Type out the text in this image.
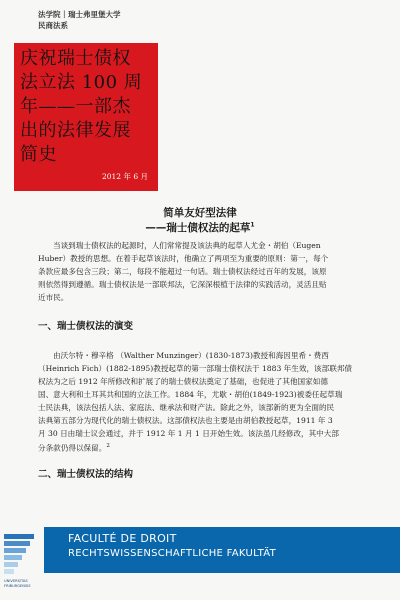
法学院｜瑞士弗里堡大学
民商法系
庆祝瑞士债权
法立法 100 周
年——一部杰
出的法律发展
简史
2012 年 6 月
简单友好型法律
——瑞士债权法的起草$^1$
当谈到瑞士债权法的起源时，人们常常提及该法典的起草人尤金・胡伯（Eugen
Huber）教授的思想。在着手起草该法时，他确立了两项至为重要的原则：第一，每个
条款应最多包含三段；第二，每段不能超过一句话。瑞士债权法经过百年的发展，该原
则依然得到遵循。瑞士债权法是一部联邦法，它深深根植于法律的实践活动，灵活且贴
近市民。
一、瑞士债权法的演变
由沃尔特・穆辛格 （Walther Munzinger）(1830-1873)教授和海因里希・费西
（Heinrich Fich）(1882-1895)教授起草的第一部瑞士债权法于 1883 年生效，该部联邦债
权法为之后 1912 年所修改和扩展了的瑞士债权法奠定了基础，也促进了其他国家如德
国、意大利和土耳其共和国的立法工作。1884 年，尤歇・胡伯(1849-1923)被委任起草瑞
士民法典，该法包括人法、家庭法、继承法和财产法。除此之外，该部新的更为全面的民
法典第五部分为现代化的瑞士债权法。这部债权法也主要是由胡伯教授起草，1911 年 3
月 30 日由瑞士议会通过，并于 1912 年 1 月 1 日开始生效。该法虽几经修改，其中大部
分条款仍得以保留。$^2$
二、瑞士债权法的结构
FACULTÉ DE DROIT
RECHTSWISSENSCHAFTLICHE FAKULTÄT
UNIVERSITAS
FRIBURGENSIS
